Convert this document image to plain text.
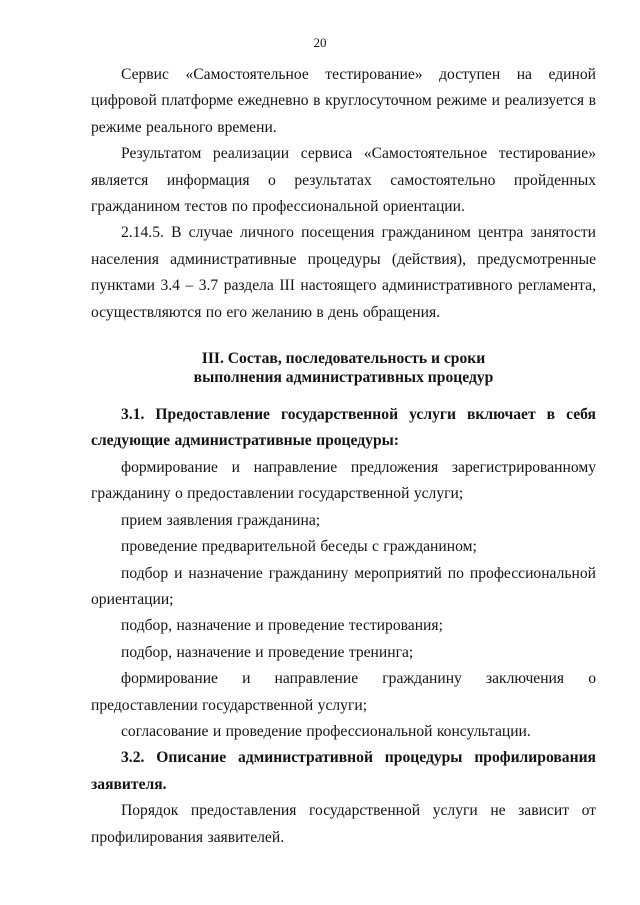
20

Сервис «Самостоятельное тестирование» доступен на единой цифровой платформе ежедневно в круглосуточном режиме и реализуется в режиме реального времени.

Результатом реализации сервиса «Самостоятельное тестирование» является информация о результатах самостоятельно пройденных гражданином тестов по профессиональной ориентации.

2.14.5. В случае личного посещения гражданином центра занятости населения административные процедуры (действия), предусмотренные пунктами 3.4 – 3.7 раздела III настоящего административного регламента, осуществляются по его желанию в день обращения.

III. Состав, последовательность и сроки
выполнения административных процедур

3.1. Предоставление государственной услуги включает в себя следующие административные процедуры:

формирование и направление предложения зарегистрированному гражданину о предоставлении государственной услуги;

прием заявления гражданина;

проведение предварительной беседы с гражданином;

подбор и назначение гражданину мероприятий по профессиональной ориентации;

подбор, назначение и проведение тестирования;

подбор, назначение и проведение тренинга;

формирование и направление гражданину заключения о предоставлении государственной услуги;

согласование и проведение профессиональной консультации.

3.2. Описание административной процедуры профилирования заявителя.

Порядок предоставления государственной услуги не зависит от профилирования заявителей.
